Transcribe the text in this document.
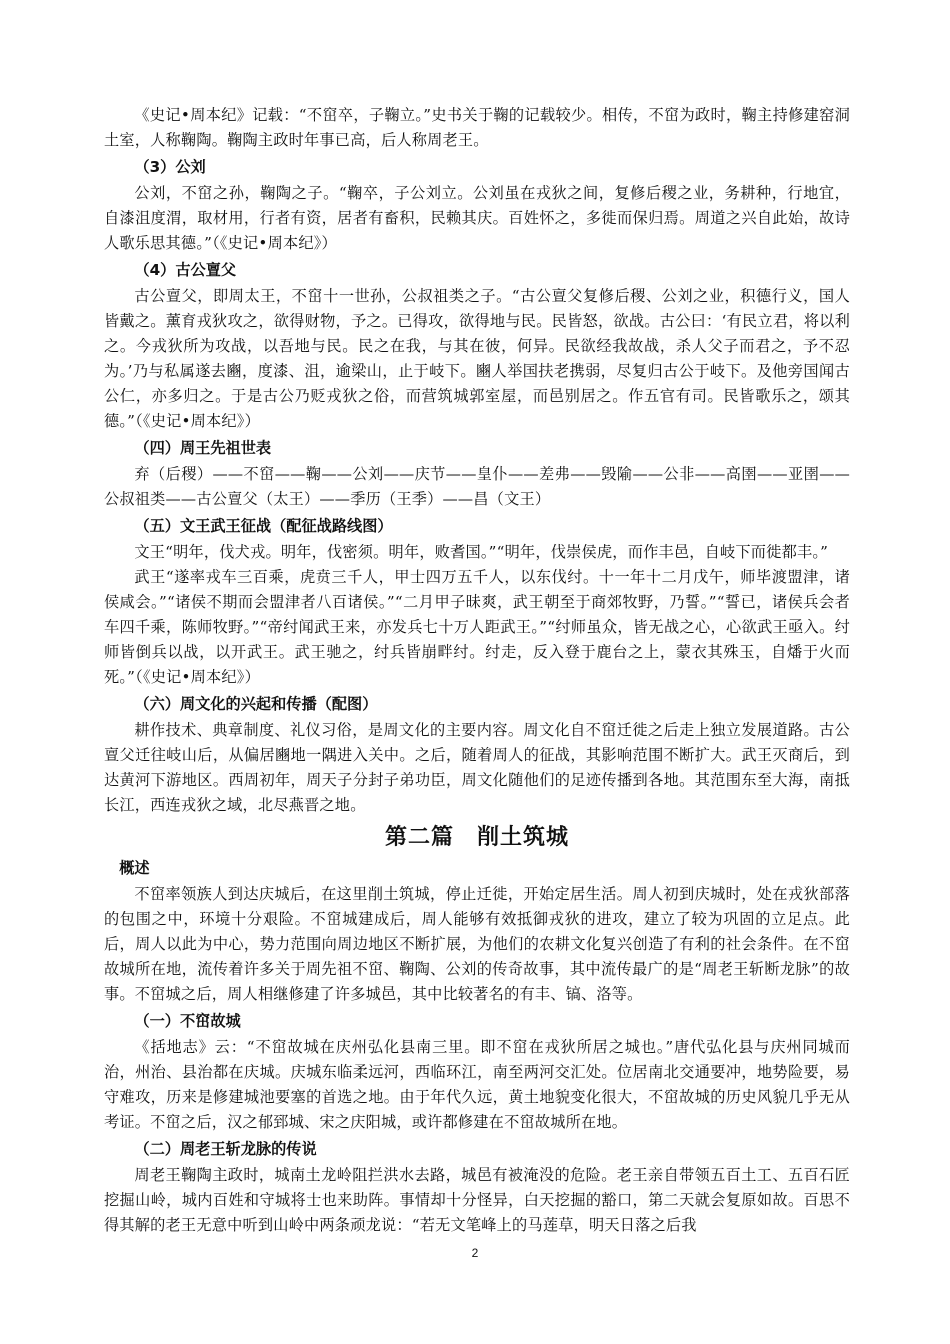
《史记•周本纪》记载：“不窋卒，子鞠立。”史书关于鞠的记载较少。相传，不窋为政时，鞠主持修建窑洞土室，人称鞠陶。鞠陶主政时年事已高，后人称周老王。

（3）公刘

公刘，不窋之孙，鞠陶之子。“鞠卒，子公刘立。公刘虽在戎狄之间，复修后稷之业，务耕种，行地宜，自漆沮度渭，取材用，行者有资，居者有畜积，民赖其庆。百姓怀之，多徙而保归焉。周道之兴自此始，故诗人歌乐思其德。”（《史记•周本纪》）

（4）古公亶父

古公亶父，即周太王，不窋十一世孙，公叔祖类之子。“古公亶父复修后稷、公刘之业，积德行义，国人皆戴之。薰育戎狄攻之，欲得财物，予之。已得攻，欲得地与民。民皆怒，欲战。古公曰：‘有民立君，将以利之。今戎狄所为攻战，以吾地与民。民之在我，与其在彼，何异。民欲经我故战，杀人父子而君之，予不忍为。’乃与私属遂去豳，度漆、沮，逾梁山，止于岐下。豳人举国扶老携弱，尽复归古公于岐下。及他旁国闻古公仁，亦多归之。于是古公乃贬戎狄之俗，而营筑城郭室屋，而邑别居之。作五官有司。民皆歌乐之，颂其德。”（《史记•周本纪》）

（四）周王先祖世表

弃（后稷）——不窋——鞠——公刘——庆节——皇仆——差弗——毁隃——公非——高圉——亚圉——公叔祖类——古公亶父（太王）——季历（王季）——昌（文王）

（五）文王武王征战（配征战路线图）

文王“明年，伐犬戎。明年，伐密须。明年，败耆国。”“明年，伐崇侯虎，而作丰邑，自岐下而徙都丰。”

武王“遂率戎车三百乘，虎贲三千人，甲士四万五千人，以东伐纣。十一年十二月戊午，师毕渡盟津，诸侯咸会。”“诸侯不期而会盟津者八百诸侯。”“二月甲子昧爽，武王朝至于商郊牧野，乃誓。”“誓已，诸侯兵会者车四千乘，陈师牧野。”“帝纣闻武王来，亦发兵七十万人距武王。”“纣师虽众，皆无战之心，心欲武王亟入。纣师皆倒兵以战，以开武王。武王驰之，纣兵皆崩畔纣。纣走，反入登于鹿台之上，蒙衣其殊玉，自燔于火而死。”（《史记•周本纪》）

（六）周文化的兴起和传播（配图）

耕作技术、典章制度、礼仪习俗，是周文化的主要内容。周文化自不窋迁徙之后走上独立发展道路。古公亶父迁往岐山后，从偏居豳地一隅进入关中。之后，随着周人的征战，其影响范围不断扩大。武王灭商后，到达黄河下游地区。西周初年，周天子分封子弟功臣，周文化随他们的足迹传播到各地。其范围东至大海，南抵长江，西连戎狄之域，北尽燕晋之地。

第二篇　削土筑城
概述

不窋率领族人到达庆城后，在这里削土筑城，停止迁徙，开始定居生活。周人初到庆城时，处在戎狄部落的包围之中，环境十分艰险。不窋城建成后，周人能够有效抵御戎狄的进攻，建立了较为巩固的立足点。此后，周人以此为中心，势力范围向周边地区不断扩展，为他们的农耕文化复兴创造了有利的社会条件。在不窋故城所在地，流传着许多关于周先祖不窋、鞠陶、公刘的传奇故事，其中流传最广的是“周老王斩断龙脉”的故事。不窋城之后，周人相继修建了许多城邑，其中比较著名的有丰、镐、洛等。

（一）不窋故城

《括地志》云：“不窋故城在庆州弘化县南三里。即不窋在戎狄所居之城也。”唐代弘化县与庆州同城而治，州治、县治都在庆城。庆城东临柔远河，西临环江，南至两河交汇处。位居南北交通要冲，地势险要，易守难攻，历来是修建城池要塞的首选之地。由于年代久远，黄土地貌变化很大，不窋故城的历史风貌几乎无从考证。不窋之后，汉之郁郅城、宋之庆阳城，或许都修建在不窋故城所在地。

（二）周老王斩龙脉的传说

周老王鞠陶主政时，城南土龙岭阻拦洪水去路，城邑有被淹没的危险。老王亲自带领五百土工、五百石匠挖掘山岭，城内百姓和守城将士也来助阵。事情却十分怪异，白天挖掘的豁口，第二天就会复原如故。百思不得其解的老王无意中听到山岭中两条顽龙说：“若无文笔峰上的马莲草，明天日落之后我

2
